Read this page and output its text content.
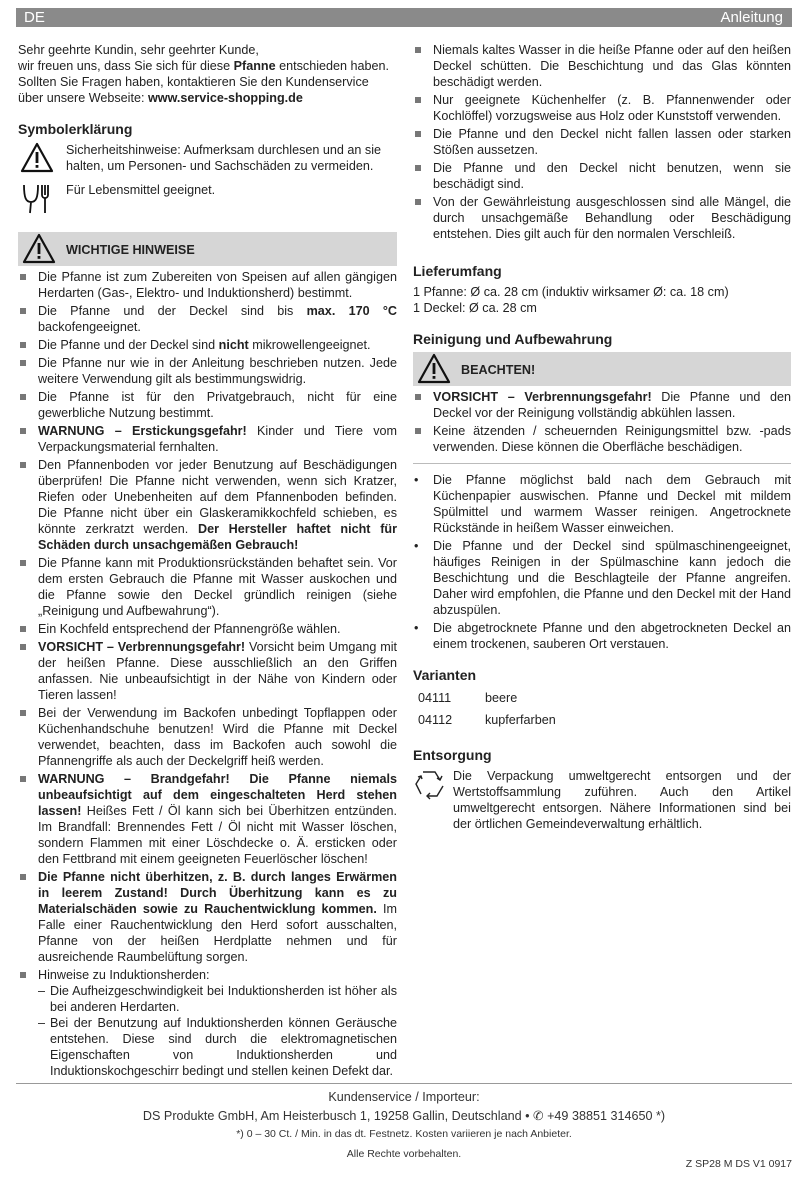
DE	Anleitung

Sehr geehrte Kundin, sehr geehrter Kunde,

wir freuen uns, dass Sie sich für diese Pfanne entschieden haben. Sollten Sie Fragen haben, kontaktieren Sie den Kundenservice über unsere Webseite: www.service-shopping.de

Symbolerklärung

Sicherheitshinweise: Aufmerksam durchlesen und an sie halten, um Personen- und Sachschäden zu vermeiden.

Für Lebensmittel geeignet.

WICHTIGE HINWEISE
Die Pfanne ist zum Zubereiten von Speisen auf allen gängigen Herdarten (Gas-, Elektro- und Induktionsherd) bestimmt.
Die Pfanne und der Deckel sind bis max. 170 °C backofengeeignet.
Die Pfanne und der Deckel sind nicht mikrowellengeeignet.
Die Pfanne nur wie in der Anleitung beschrieben nutzen. Jede weitere Verwendung gilt als bestimmungswidrig.
Die Pfanne ist für den Privatgebrauch, nicht für eine gewerbliche Nutzung bestimmt.
WARNUNG – Erstickungsgefahr! Kinder und Tiere vom Verpackungsmaterial fernhalten.
Den Pfannenboden vor jeder Benutzung auf Beschädigungen überprüfen! Die Pfanne nicht verwenden, wenn sich Kratzer, Riefen oder Unebenheiten auf dem Pfannenboden befinden. Die Pfanne nicht über ein Glaskeramikkochfeld schieben, es könnte zerkratzt werden. Der Hersteller haftet nicht für Schäden durch unsachgemäßen Gebrauch!
Die Pfanne kann mit Produktionsrückständen behaftet sein. Vor dem ersten Gebrauch die Pfanne mit Wasser auskochen und die Pfanne sowie den Deckel gründlich reinigen (siehe „Reinigung und Aufbewahrung“).
Ein Kochfeld entsprechend der Pfannengröße wählen.
VORSICHT – Verbrennungsgefahr! Vorsicht beim Umgang mit der heißen Pfanne. Diese ausschließlich an den Griffen anfassen. Nie unbeaufsichtigt in der Nähe von Kindern oder Tieren lassen!
Bei der Verwendung im Backofen unbedingt Topflappen oder Küchenhandschuhe benutzen! Wird die Pfanne mit Deckel verwendet, beachten, dass im Backofen auch sowohl die Pfannengriffe als auch der Deckelgriff heiß werden.
WARNUNG – Brandgefahr! Die Pfanne niemals unbeaufsichtigt auf dem eingeschalteten Herd stehen lassen! Heißes Fett / Öl kann sich bei Überhitzen entzünden. Im Brandfall: Brennendes Fett / Öl nicht mit Wasser löschen, sondern Flammen mit einer Löschdecke o. Ä. ersticken oder den Fettbrand mit einem geeigneten Feuerlöscher löschen!
Die Pfanne nicht überhitzen, z. B. durch langes Erwärmen in leerem Zustand! Durch Überhitzung kann es zu Materialschäden sowie zu Rauchentwicklung kommen. Im Falle einer Rauchentwicklung den Herd sofort ausschalten, Pfanne von der heißen Herdplatte nehmen und für ausreichende Raumbelüftung sorgen.
Hinweise zu Induktionsherden:
– Die Aufheizgeschwindigkeit bei Induktionsherden ist höher als bei anderen Herdarten.
– Bei der Benutzung auf Induktionsherden können Geräusche entstehen. Diese sind durch die elektromagnetischen Eigenschaften von Induktionsherden und Induktionskochgeschirr bedingt und stellen keinen Defekt dar.
Niemals kaltes Wasser in die heiße Pfanne oder auf den heißen Deckel schütten. Die Beschichtung und das Glas könnten beschädigt werden.
Nur geeignete Küchenhelfer (z. B. Pfannenwender oder Kochlöffel) vorzugsweise aus Holz oder Kunststoff verwenden.
Die Pfanne und den Deckel nicht fallen lassen oder starken Stößen aussetzen.
Die Pfanne und den Deckel nicht benutzen, wenn sie beschädigt sind.
Von der Gewährleistung ausgeschlossen sind alle Mängel, die durch unsachgemäße Behandlung oder Beschädigung entstehen. Dies gilt auch für den normalen Verschleiß.
Lieferumfang

1 Pfanne: Ø ca. 28 cm (induktiv wirksamer Ø: ca. 18 cm)

1 Deckel: Ø ca. 28 cm

Reinigung und Aufbewahrung
BEACHTEN!
VORSICHT – Verbrennungsgefahr! Die Pfanne und den Deckel vor der Reinigung vollständig abkühlen lassen.
Keine ätzenden / scheuernden Reinigungsmittel bzw. -pads verwenden. Diese können die Oberfläche beschädigen.
• Die Pfanne möglichst bald nach dem Gebrauch mit Küchenpapier auswischen. Pfanne und Deckel mit mildem Spülmittel und warmem Wasser reinigen. Angetrocknete Rückstände in heißem Wasser einweichen.
• Die Pfanne und der Deckel sind spülmaschinengeeignet, häufiges Reinigen in der Spülmaschine kann jedoch die Beschichtung und die Beschlagteile der Pfanne angreifen. Daher wird empfohlen, die Pfanne und den Deckel mit der Hand abzuspülen.
• Die abgetrocknete Pfanne und den abgetrockneten Deckel an einem trockenen, sauberen Ort verstauen.
Varianten
04111	beere
04112	kupferfarben
Entsorgung

Die Verpackung umweltgerecht entsorgen und der Wertstoffsammlung zuführen. Auch den Artikel umweltgerecht entsorgen. Nähere Informationen sind bei der örtlichen Gemeindeverwaltung erhältlich.

Kundenservice / Importeur:
DS Produkte GmbH, Am Heisterbusch 1, 19258 Gallin, Deutschland • ✆ +49 38851 314650 *)
*) 0 – 30 Ct. / Min. in das dt. Festnetz. Kosten variieren je nach Anbieter.
Alle Rechte vorbehalten.
Z SP28 M DS V1 0917
